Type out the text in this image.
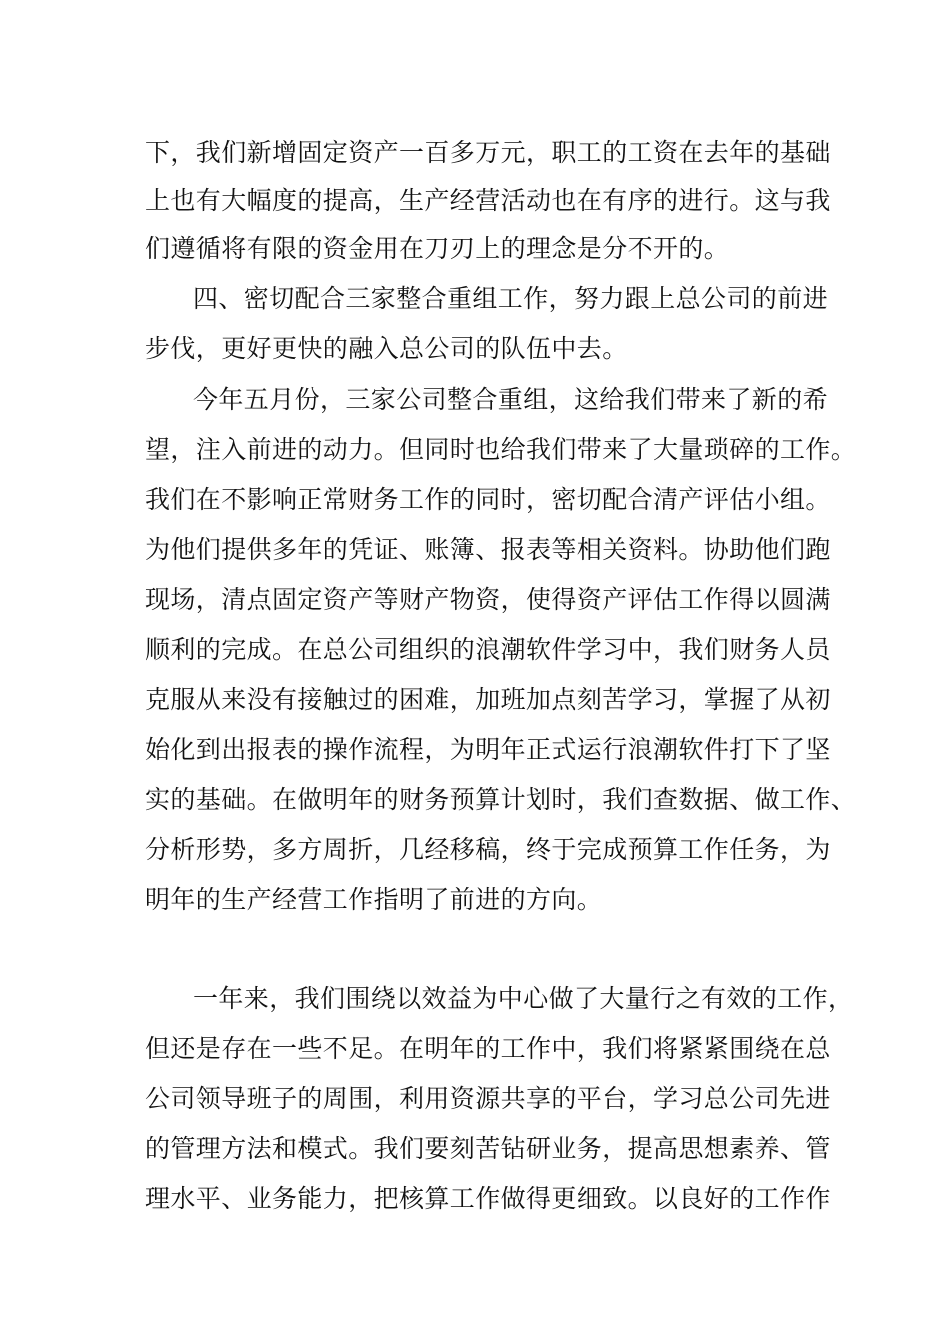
下，我们新增固定资产一百多万元，职工的工资在去年的基础

上也有大幅度的提高，生产经营活动也在有序的进行。这与我

们遵循将有限的资金用在刀刃上的理念是分不开的。

四、密切配合三家整合重组工作，努力跟上总公司的前进

步伐，更好更快的融入总公司的队伍中去。

今年五月份，三家公司整合重组，这给我们带来了新的希

望，注入前进的动力。但同时也给我们带来了大量琐碎的工作。

我们在不影响正常财务工作的同时，密切配合清产评估小组。

为他们提供多年的凭证、账簿、报表等相关资料。协助他们跑

现场，清点固定资产等财产物资，使得资产评估工作得以圆满

顺利的完成。在总公司组织的浪潮软件学习中，我们财务人员

克服从来没有接触过的困难，加班加点刻苦学习，掌握了从初

始化到出报表的操作流程，为明年正式运行浪潮软件打下了坚

实的基础。在做明年的财务预算计划时，我们查数据、做工作、

分析形势，多方周折，几经移稿，终于完成预算工作任务，为

明年的生产经营工作指明了前进的方向。

一年来，我们围绕以效益为中心做了大量行之有效的工作，

但还是存在一些不足。在明年的工作中，我们将紧紧围绕在总

公司领导班子的周围，利用资源共享的平台，学习总公司先进

的管理方法和模式。我们要刻苦钻研业务，提高思想素养、管

理水平、业务能力，把核算工作做得更细致。以良好的工作作
